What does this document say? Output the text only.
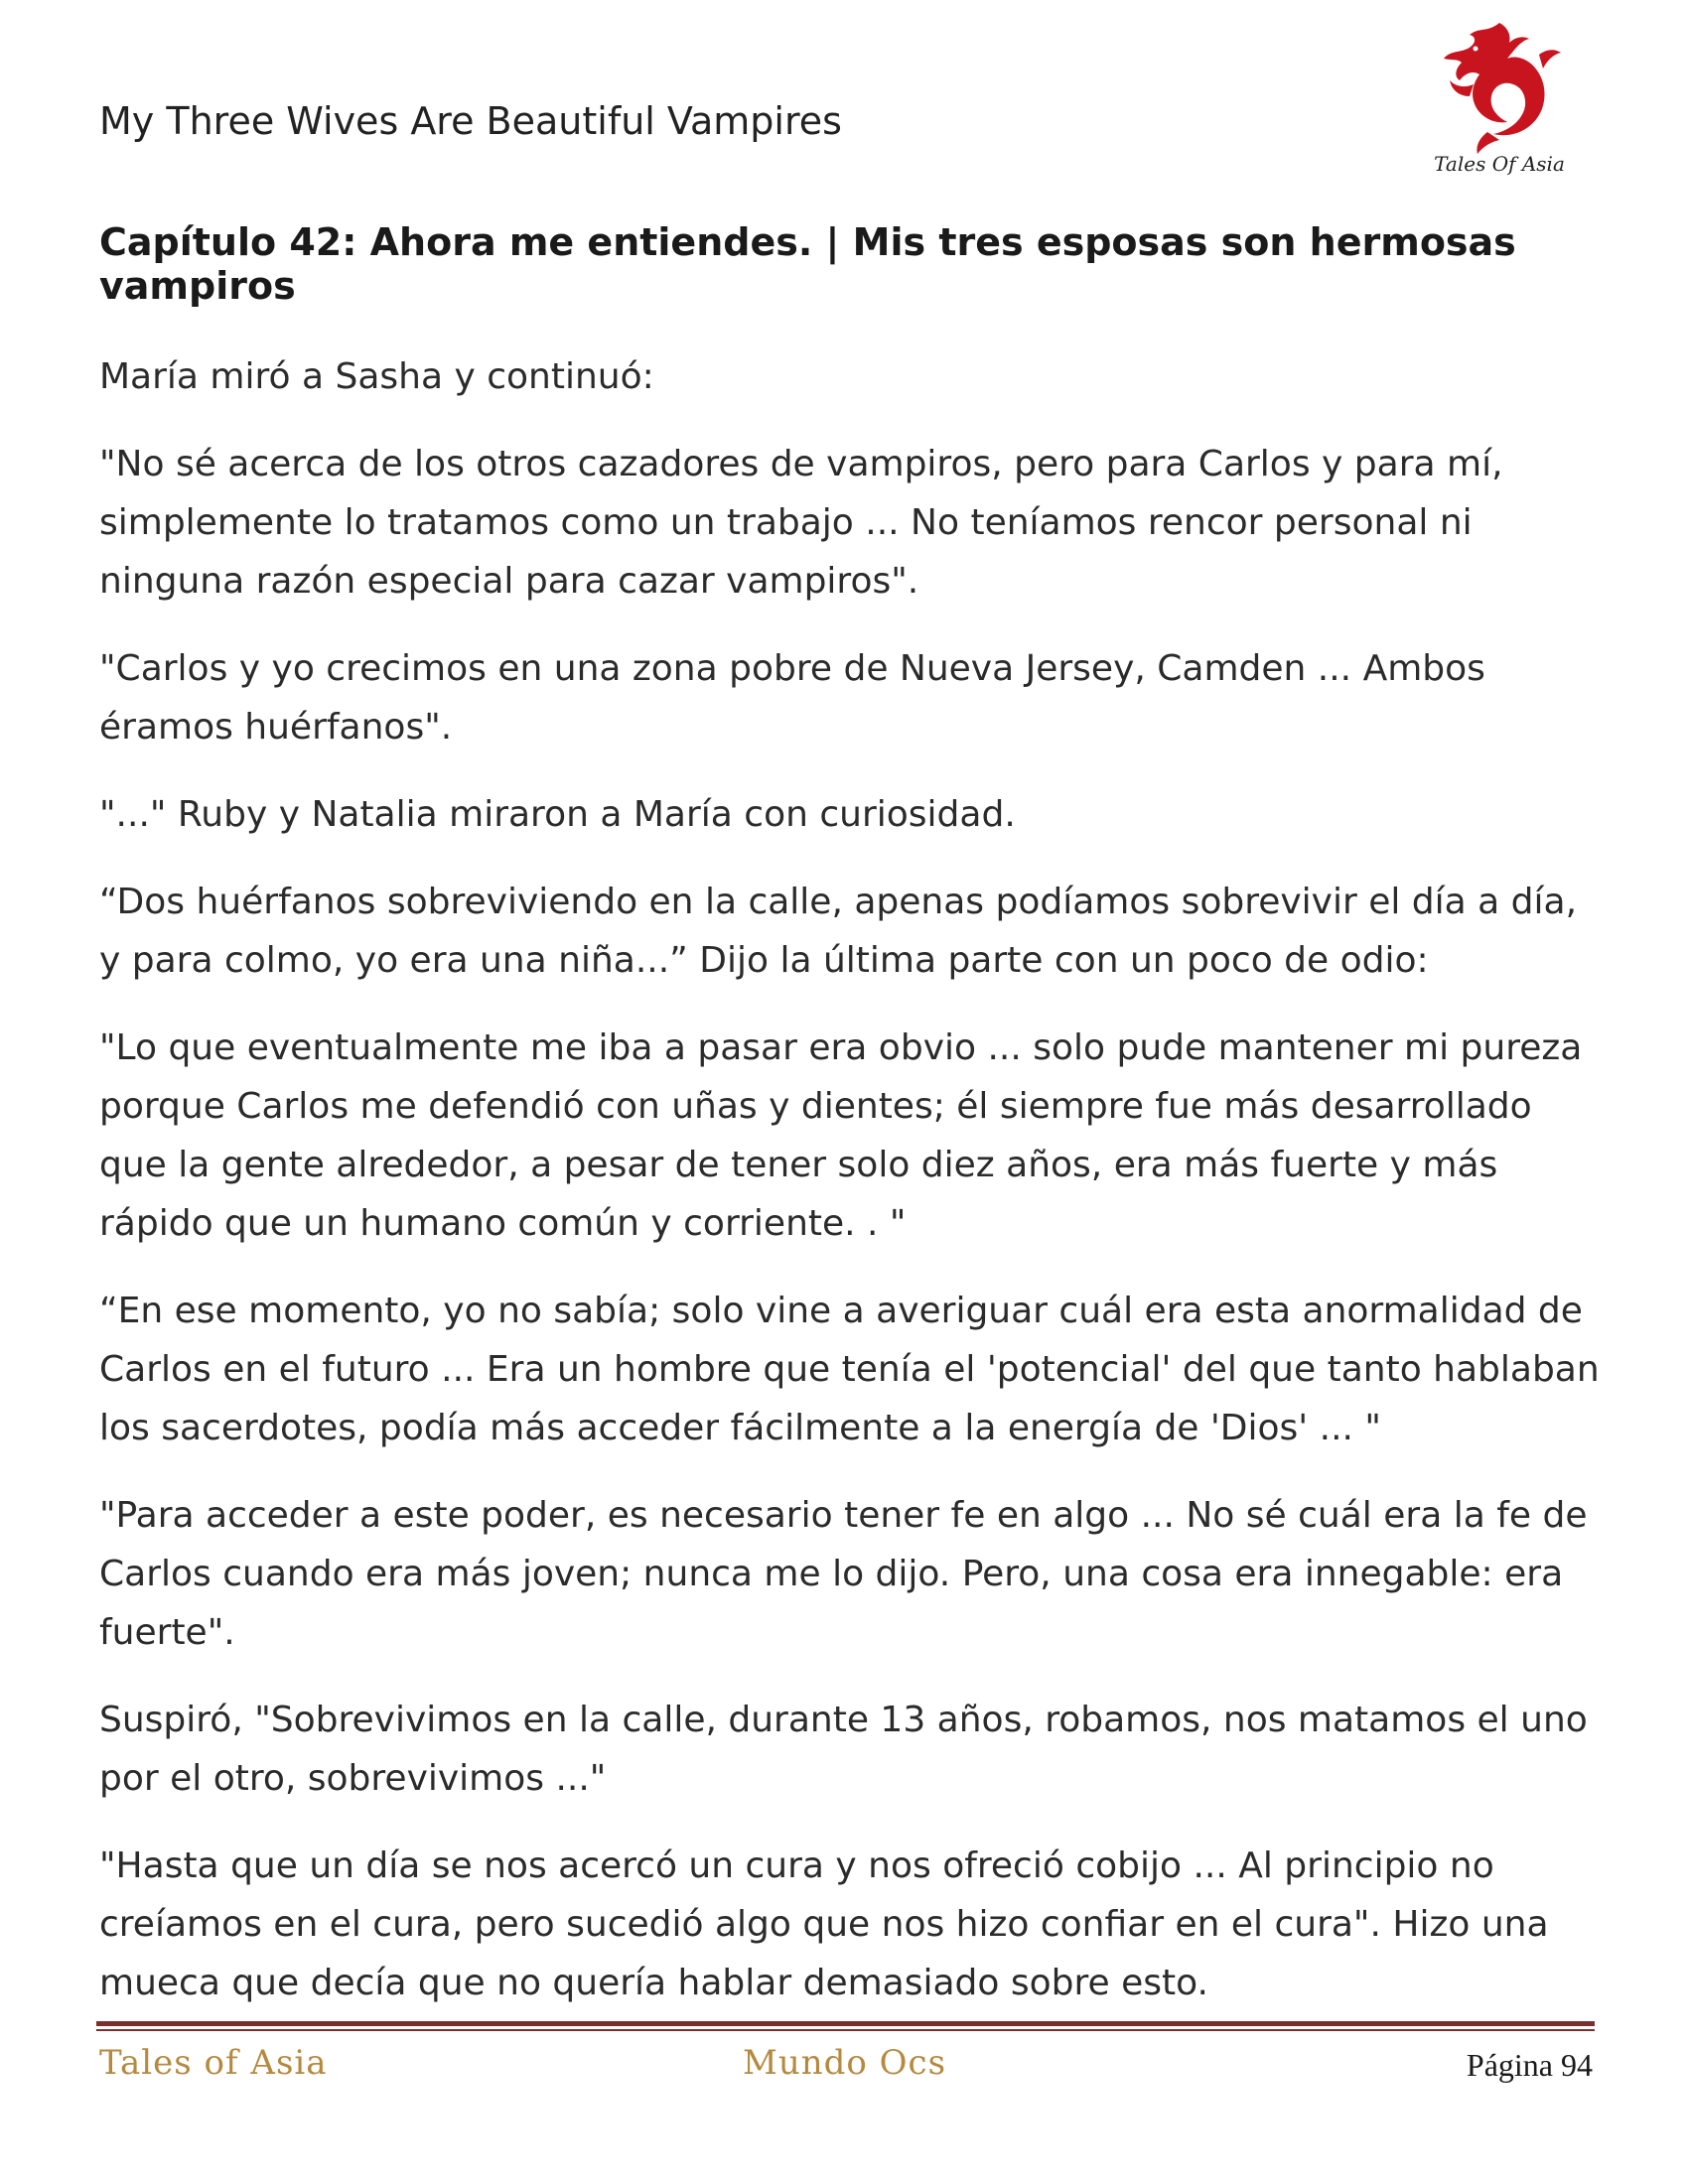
My Three Wives Are Beautiful Vampires
Tales Of Asia
Capítulo 42: Ahora me entiendes. | Mis tres esposas son hermosas vampiros

María miró a Sasha y continuó:

"No sé acerca de los otros cazadores de vampiros, pero para Carlos y para mí, simplemente lo tratamos como un trabajo ... No teníamos rencor personal ni ninguna razón especial para cazar vampiros".

"Carlos y yo crecimos en una zona pobre de Nueva Jersey, Camden ... Ambos éramos huérfanos".

"..." Ruby y Natalia miraron a María con curiosidad.

“Dos huérfanos sobreviviendo en la calle, apenas podíamos sobrevivir el día a día, y para colmo, yo era una niña...” Dijo la última parte con un poco de odio:

"Lo que eventualmente me iba a pasar era obvio ... solo pude mantener mi pureza porque Carlos me defendió con uñas y dientes; él siempre fue más desarrollado que la gente alrededor, a pesar de tener solo diez años, era más fuerte y más rápido que un humano común y corriente. . "

“En ese momento, yo no sabía; solo vine a averiguar cuál era esta anormalidad de Carlos en el futuro ... Era un hombre que tenía el 'potencial' del que tanto hablaban los sacerdotes, podía más acceder fácilmente a la energía de 'Dios' ... "

"Para acceder a este poder, es necesario tener fe en algo ... No sé cuál era la fe de Carlos cuando era más joven; nunca me lo dijo. Pero, una cosa era innegable: era fuerte".

Suspiró, "Sobrevivimos en la calle, durante 13 años, robamos, nos matamos el uno por el otro, sobrevivimos ..."

"Hasta que un día se nos acercó un cura y nos ofreció cobijo ... Al principio no creíamos en el cura, pero sucedió algo que nos hizo confiar en el cura". Hizo una mueca que decía que no quería hablar demasiado sobre esto.

Tales of Asia	Mundo Ocs	Página 94
